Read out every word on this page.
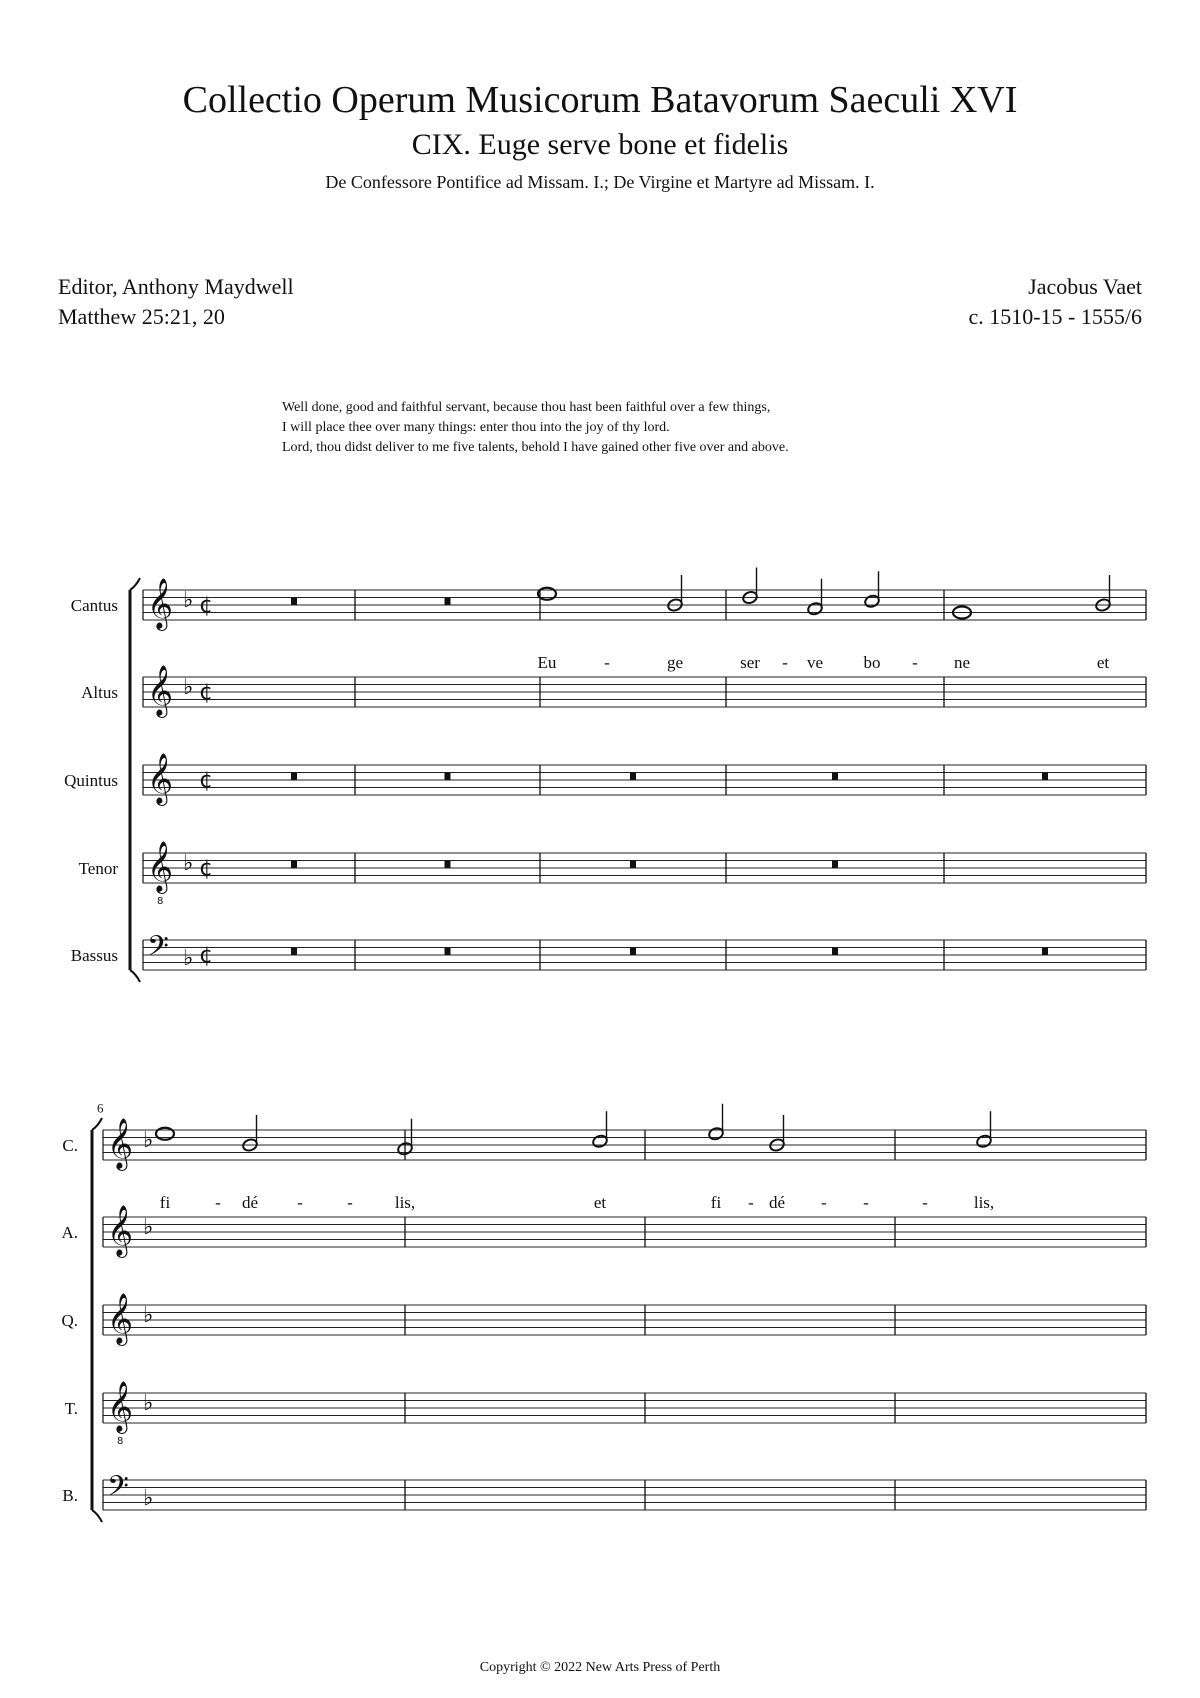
Collectio Operum Musicorum Batavorum Saeculi XVI
CIX. Euge serve bone et fidelis
De Confessore Pontifice ad Missam. I.; De Virgine et Martyre ad Missam. I.
Editor, Anthony Maydwell
Matthew 25:21, 20
Jacobus Vaet
c. 1510-15 - 1555/6
Well done, good and faithful servant, because thou hast been faithful over a few things,
I will place thee over many things: enter thou into the joy of thy lord.
Lord, thou didst deliver to me five talents, behold I have gained other five over and above.
𝄞 ♭ ¢
Eu	-	ge	ser - ve bo - ne	et
𝄞 ♭ ¢
𝄞 ¢
𝄞
8
♭ ¢
𝄢 ♭ ¢
Cantus
Altus
Quintus
Tenor
Bassus
6
𝄞 ♭
fi	- dé -	- lis,	et	fi - dé - -	-	lis,
𝄞 ♭
𝄞 ♭
𝄞
8
♭
𝄢 ♭
C.
A.
Q.
T.
B.
Copyright © 2022 New Arts Press of Perth
